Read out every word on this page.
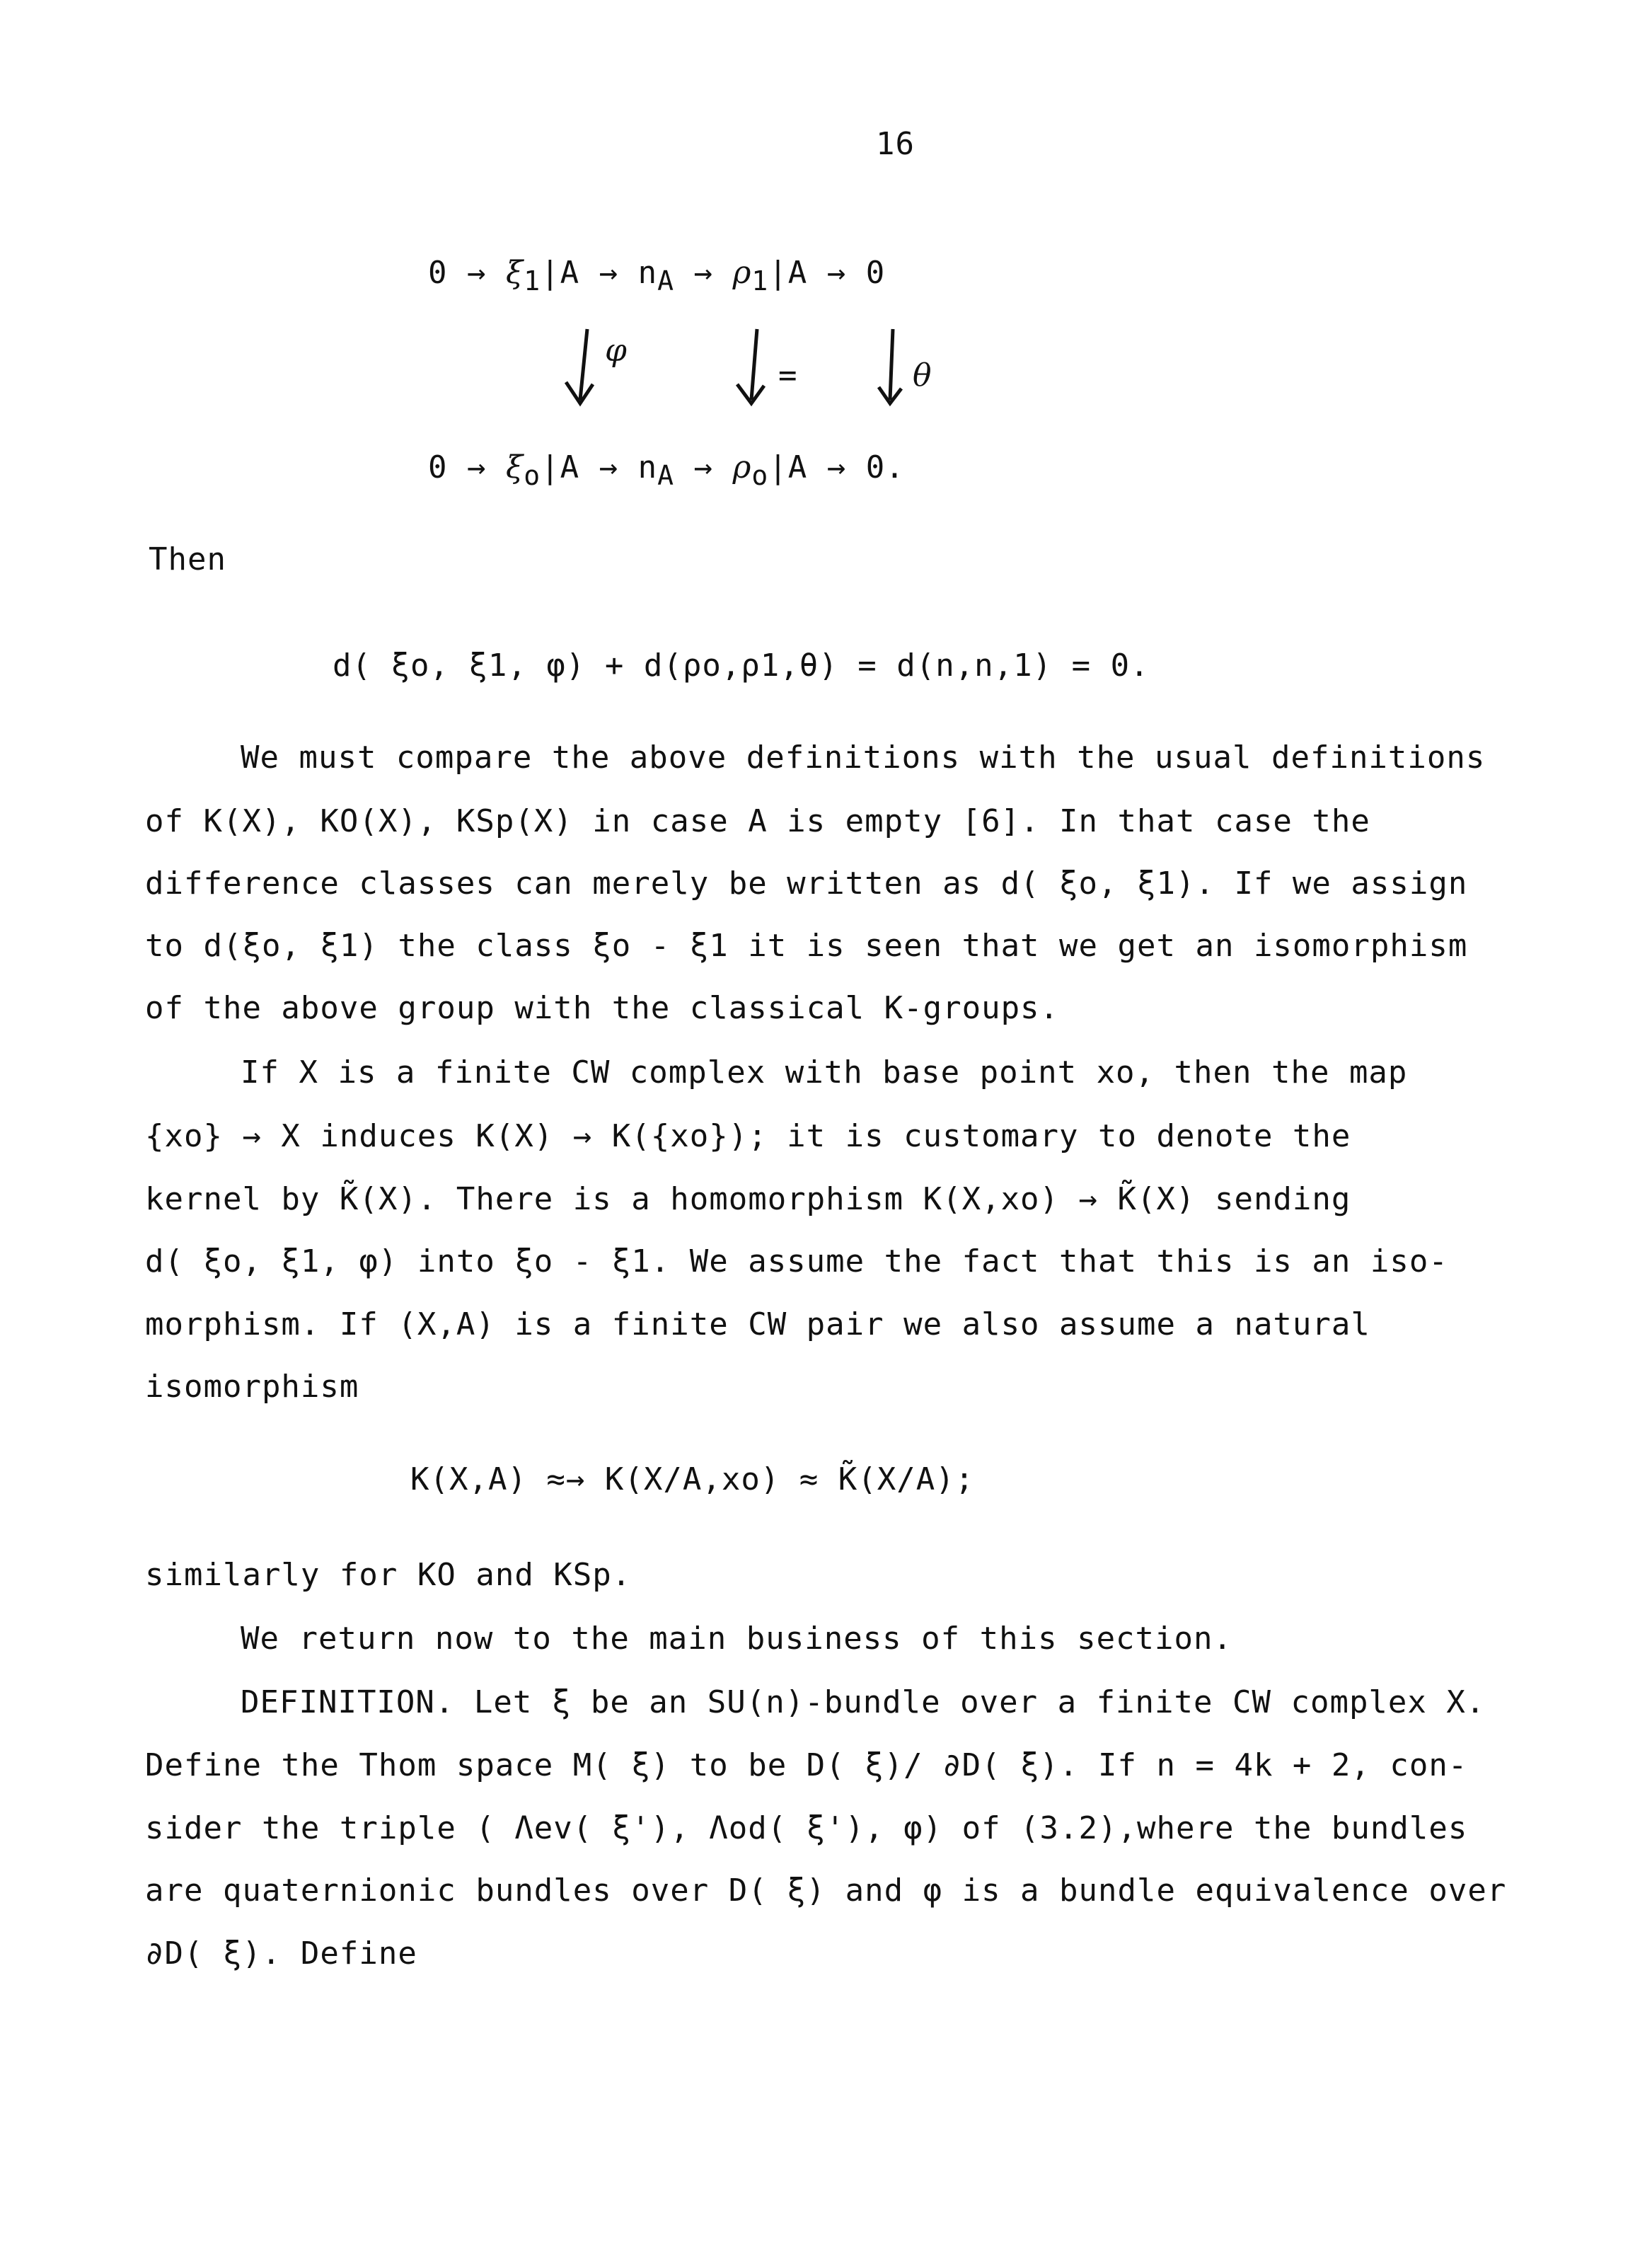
16
$0 \to \xi_1|A \to n_A \to \rho_1|A \to 0$
φ
=	θ
$0 \to \xi_o|A \to n_A \to \rho_o|A \to 0$.
Then
d( ξo, ξ1, φ) + d(ρo,ρ1,θ) = d(n,n,1) = 0.
We must compare the above definitions with the usual definitions
of K(X), KO(X), KSp(X) in case A is empty [6]. In that case the
difference classes can merely be written as d( ξo, ξ1). If we assign
to d(ξo, ξ1) the class ξo - ξ1 it is seen that we get an isomorphism
of the above group with the classical K-groups.
If X is a finite CW complex with base point xo, then the map
{xo} → X induces K(X) → K({xo}); it is customary to denote the
kernel by K̃(X). There is a homomorphism K(X,xo) → K̃(X) sending
d( ξo, ξ1, φ) into ξo - ξ1. We assume the fact that this is an iso-
morphism. If (X,A) is a finite CW pair we also assume a natural
isomorphism
K(X,A) ≈→ K(X/A,xo) ≈ K̃(X/A);
similarly for KO and KSp.
We return now to the main business of this section.
DEFINITION. Let ξ be an SU(n)-bundle over a finite CW complex X.
Define the Thom space M( ξ) to be D( ξ)/ ∂D( ξ). If n = 4k + 2, con-
sider the triple ( Λev( ξ'), Λod( ξ'), φ) of (3.2),where the bundles
are quaternionic bundles over D( ξ) and φ is a bundle equivalence over
∂D( ξ). Define
